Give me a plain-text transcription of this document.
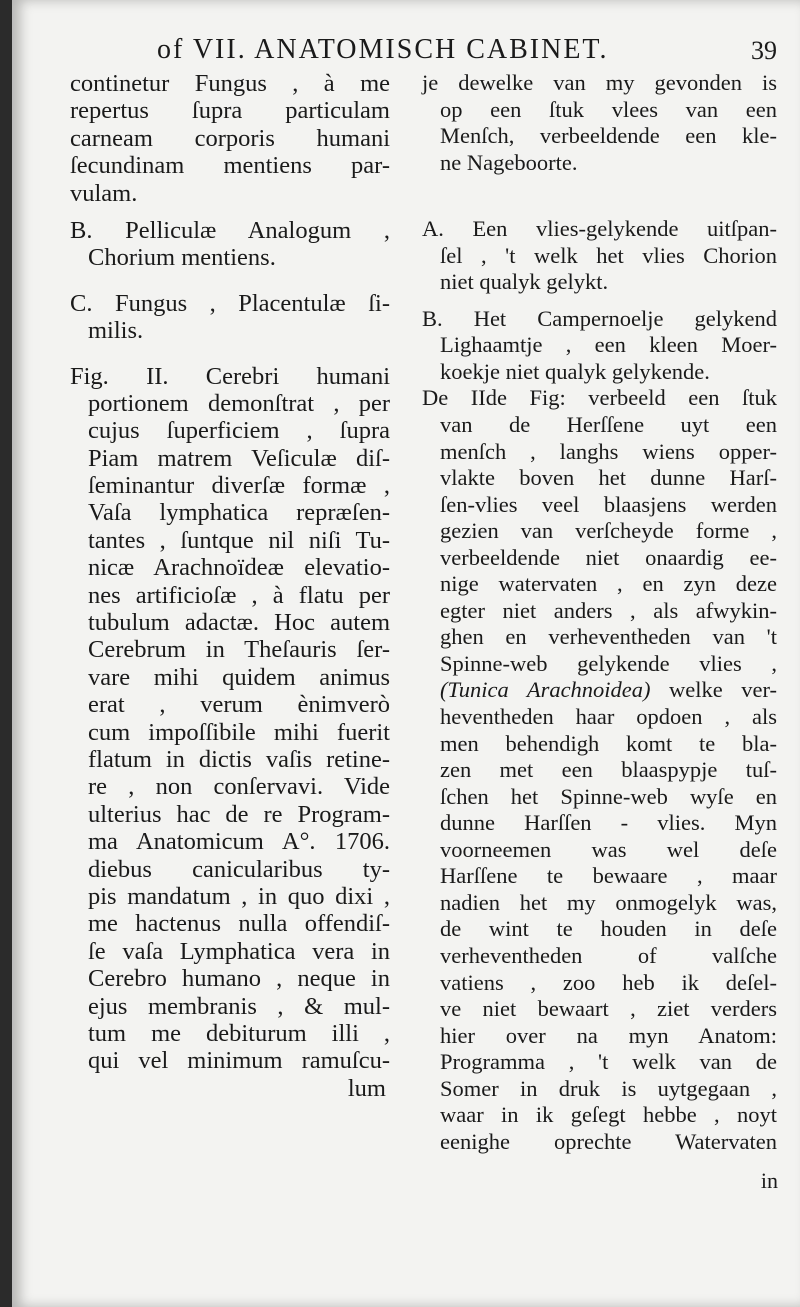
of VII. ANATOMISCH CABINET.	39
continetur Fungus , à me
repertus ſupra particulam
carneam corporis humani
ſecundinam mentiens par-
vulam.
B. Pelliculæ Analogum ,
Chorium mentiens.
C. Fungus , Placentulæ ſi-
milis.
Fig. II. Cerebri humani
portionem demonſtrat , per
cujus ſuperficiem , ſupra
Piam matrem Veſiculæ diſ-
ſeminantur diverſæ formæ ,
Vaſa lymphatica repræſen-
tantes , ſuntque nil niſi Tu-
nicæ Arachnoïdeæ elevatio-
nes artificioſæ , à flatu per
tubulum adactæ. Hoc autem
Cerebrum in Theſauris ſer-
vare mihi quidem animus
erat , verum ènimverò
cum impoſſibile mihi fuerit
flatum in dictis vaſis retine-
re , non conſervavi. Vide
ulterius hac de re Program-
ma Anatomicum A°. 1706.
diebus canicularibus ty-
pis mandatum , in quo dixi ,
me hactenus nulla offendiſ-
ſe vaſa Lymphatica vera in
Cerebro humano , neque in
ejus membranis , & mul-
tum me debiturum illi ,
qui vel minimum ramuſcu-
lum
je dewelke van my gevonden is
op een ſtuk vlees van een
Menſch, verbeeldende een kle-
ne Nageboorte.
A. Een vlies-gelykende uitſpan-
ſel , 't welk het vlies Chorion
niet qualyk gelykt.
B. Het Campernoelje gelykend
Lighaamtje , een kleen Moer-
koekje niet qualyk gelykende.
De IIde Fig: verbeeld een ſtuk
van de Herſſene uyt een
menſch , langhs wiens opper-
vlakte boven het dunne Harſ-
ſen-vlies veel blaasjens werden
gezien van verſcheyde forme ,
verbeeldende niet onaardig ee-
nige watervaten , en zyn deze
egter niet anders , als afwykin-
ghen en verheventheden van 't
Spinne-web gelykende vlies ,
(Tunica Arachnoidea) welke ver-
heventheden haar opdoen , als
men behendigh komt te bla-
zen met een blaaspypje tuſ-
ſchen het Spinne-web wyſe en
dunne Harſſen - vlies. Myn
voorneemen was wel deſe
Harſſene te bewaare , maar
nadien het my onmogelyk was,
de wint te houden in deſe
verheventheden of valſche
vatiens , zoo heb ik deſel-
ve niet bewaart , ziet verders
hier over na myn Anatom:
Programma , 't welk van de
Somer in druk is uytgegaan ,
waar in ik geſegt hebbe , noyt
eenighe oprechte Watervaten
in
